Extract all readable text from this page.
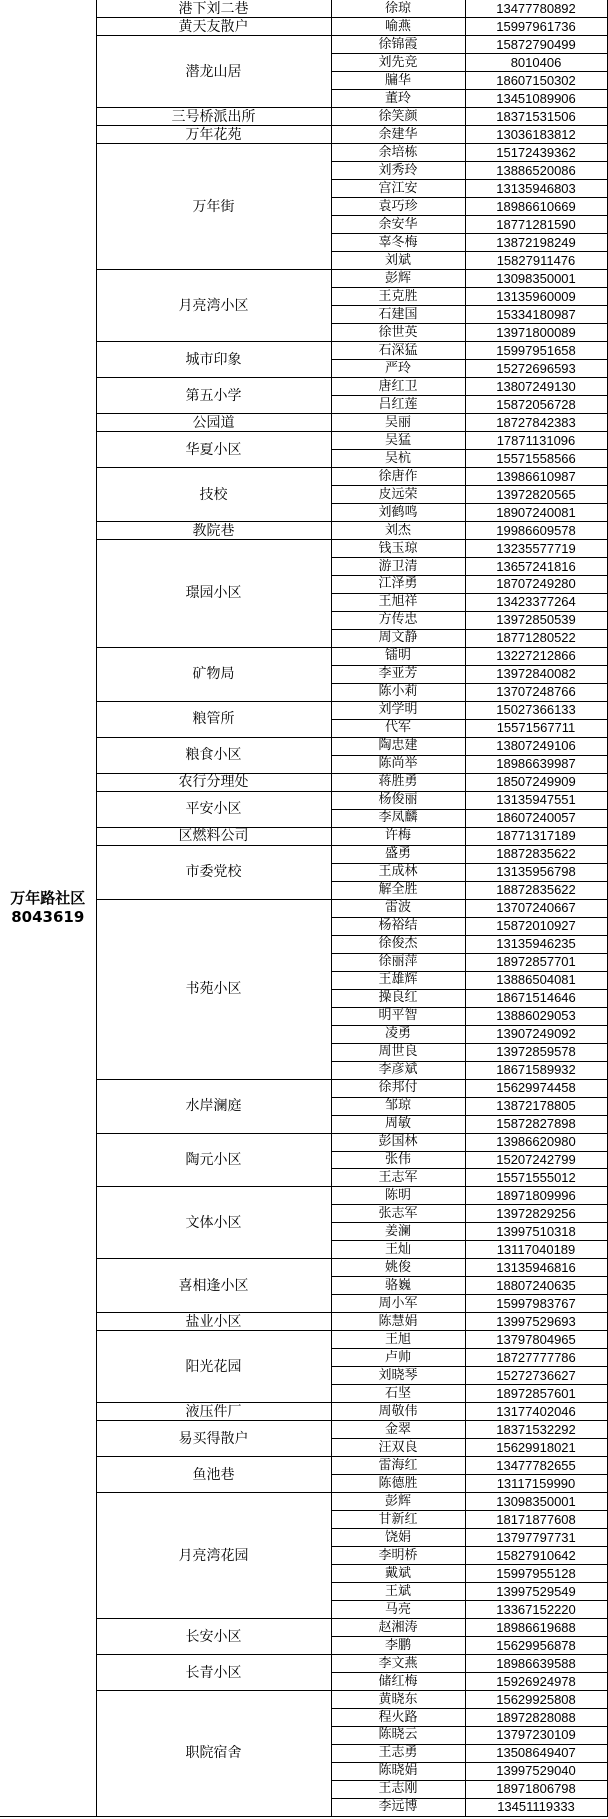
万年路社区
8043619	港下刘二巷	徐琼	13477780892
	黄天友散户	喻燕	15997961736
	潜龙山居	徐锦霞	15872790499
		刘先竞	8010406
		牖华	18607150302
		董玲	13451089906
	三号桥派出所	徐笑颜	18371531506
	万年花苑	余建华	13036183812
	万年街	余培栋	15172439362
		刘秀玲	13886520086
		宫江安	13135946803
		袁巧珍	18986610669
		余安华	18771281590
		辜冬梅	13872198249
		刘斌	15827911476
	月亮湾小区	彭辉	13098350001
		王克胜	13135960009
		石建国	15334180987
		徐世英	13971800089
	城市印象	石深猛	15997951658
		严玲	15272696593
	第五小学	唐红卫	13807249130
		吕红莲	15872056728
	公园道	吴丽	18727842383
	华夏小区	吴猛	17871131096
		吴杭	15571558566
	技校	徐唐作	13986610987
		皮远荣	13972820565
		刘鹤鸣	18907240081
	教院巷	刘杰	19986609578
	璟园小区	钱玉琼	13235577719
		游卫清	13657241816
		江泽勇	18707249280
		王旭祥	13423377264
		方传忠	13972850539
		周文静	18771280522
	矿物局	镭明	13227212866
		李亚芳	13972840082
		陈小莉	13707248766
	粮管所	刘学明	15027366133
		代军	15571567711
	粮食小区	陶忠建	13807249106
		陈尚举	18986639987
	农行分理处	蒋胜勇	18507249909
	平安小区	杨俊丽	13135947551
		李凤麟	18607240057
	区燃料公司	许梅	18771317189
	市委党校	盛勇	18872835622
		王成林	13135956798
		解全胜	18872835622
	书苑小区	雷波	13707240667
		杨裕结	15872010927
		徐俊杰	13135946235
		徐丽萍	18972857701
		王雄辉	13886504081
		操良红	18671514646
		明平智	13886029053
		凌勇	13907249092
		周世良	13972859578
		李彦斌	18671589932
	水岸澜庭	徐邦付	15629974458
		邹琼	13872178805
		周敏	15872827898
	陶元小区	彭国林	13986620980
		张伟	15207242799
		王志军	15571555012
	文体小区	陈明	18971809996
		张志军	13972829256
		姜澜	13997510318
		王灿	13117040189
	喜相逢小区	姚俊	13135946816
		骆巍	18807240635
		周小军	15997983767
	盐业小区	陈慧娟	13997529693
	阳光花园	王旭	13797804965
		卢帅	18727777786
		刘晓琴	15272736627
		石坚	18972857601
	液压件厂	周敬伟	13177402046
	易买得散户	金翠	18371532292
		汪双良	15629918021
	鱼池巷	雷海红	13477782655
		陈德胜	13117159990
	月亮湾花园	彭辉	13098350001
		甘新红	18171877608
		饶娟	13797797731
		李明桥	15827910642
		戴斌	15997955128
		王斌	13997529549
		马亮	13367152220
	长安小区	赵湘涛	18986619688
		李鹏	15629956878
	长青小区	李文燕	18986639588
		储红梅	15926924978
	职院宿舍	黄晓东	15629925808
		程火路	18972828088
		陈晓云	13797230109
		王志勇	13508649407
		陈晓娟	13997529040
		王志刚	18971806798
		李远博	13451119333
